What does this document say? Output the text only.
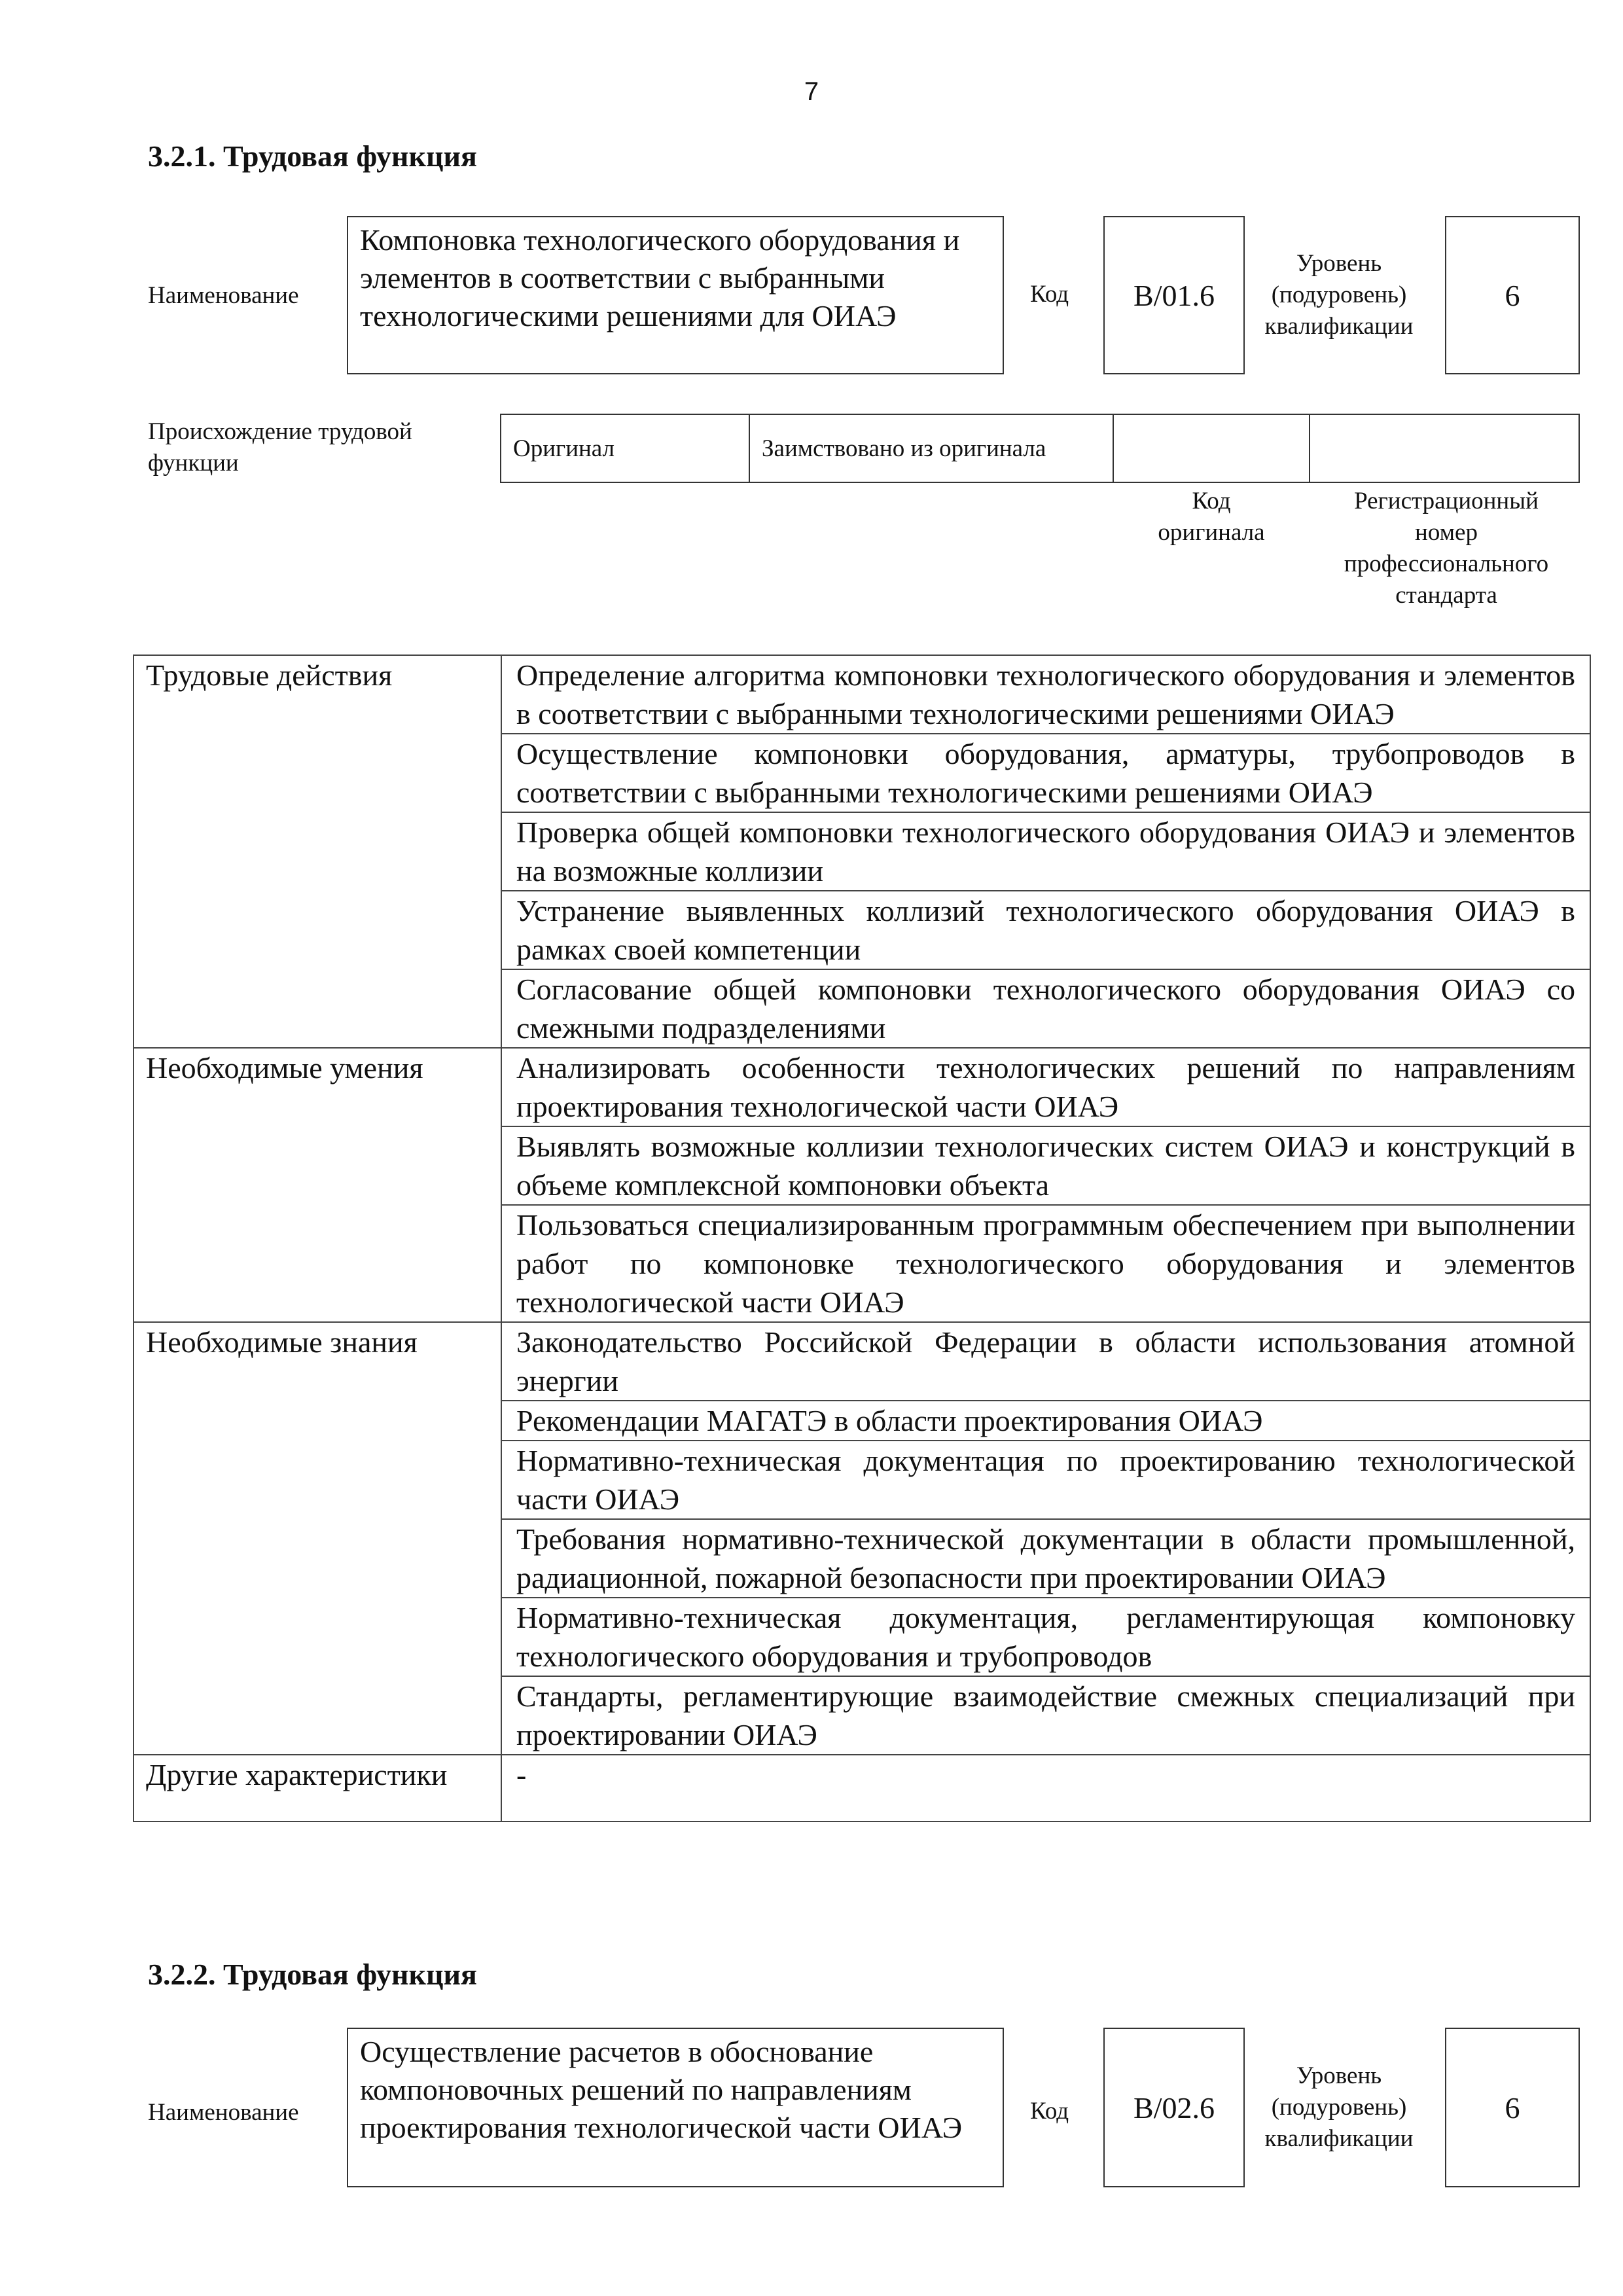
7
3.2.1. Трудовая функция
Наименование
Компоновка технологического оборудования и элементов в соответствии с выбранными технологическими решениями для ОИАЭ
Код	B/01.6
Уровень (подуровень) квалификации
6
Происхождение трудовой функции
Оригинал	Заимствовано из оригинала
Код оригинала
Регистрационный номер профессионального стандарта
Трудовые действия	Определение алгоритма компоновки технологического оборудования и элементов в соответствии с выбранными технологическими решениями ОИАЭ
	Осуществление компоновки оборудования, арматуры, трубопроводов в соответствии с выбранными технологическими решениями ОИАЭ
	Проверка общей компоновки технологического оборудования ОИАЭ и элементов на возможные коллизии
	Устранение выявленных коллизий технологического оборудования ОИАЭ в рамках своей компетенции
	Согласование общей компоновки технологического оборудования ОИАЭ со смежными подразделениями
Необходимые умения	Анализировать особенности технологических решений по направлениям проектирования технологической части ОИАЭ
	Выявлять возможные коллизии технологических систем ОИАЭ и конструкций в объеме комплексной компоновки объекта
	Пользоваться специализированным программным обеспечением при выполнении работ по компоновке технологического оборудования и элементов технологической части ОИАЭ
Необходимые знания	Законодательство Российской Федерации в области использования атомной энергии
	Рекомендации МАГАТЭ в области проектирования ОИАЭ
	Нормативно-техническая документация по проектированию технологической части ОИАЭ
	Требования нормативно-технической документации в области промышленной, радиационной, пожарной безопасности при проектировании ОИАЭ
	Нормативно-техническая документация, регламентирующая компоновку технологического оборудования и трубопроводов
	Стандарты, регламентирующие взаимодействие смежных специализаций при проектировании ОИАЭ
Другие характеристики	-
3.2.2. Трудовая функция
Наименование
Осуществление расчетов в обоснование компоновочных решений по направлениям проектирования технологической части ОИАЭ	Код	B/02.6
Уровень (подуровень) квалификации
6
